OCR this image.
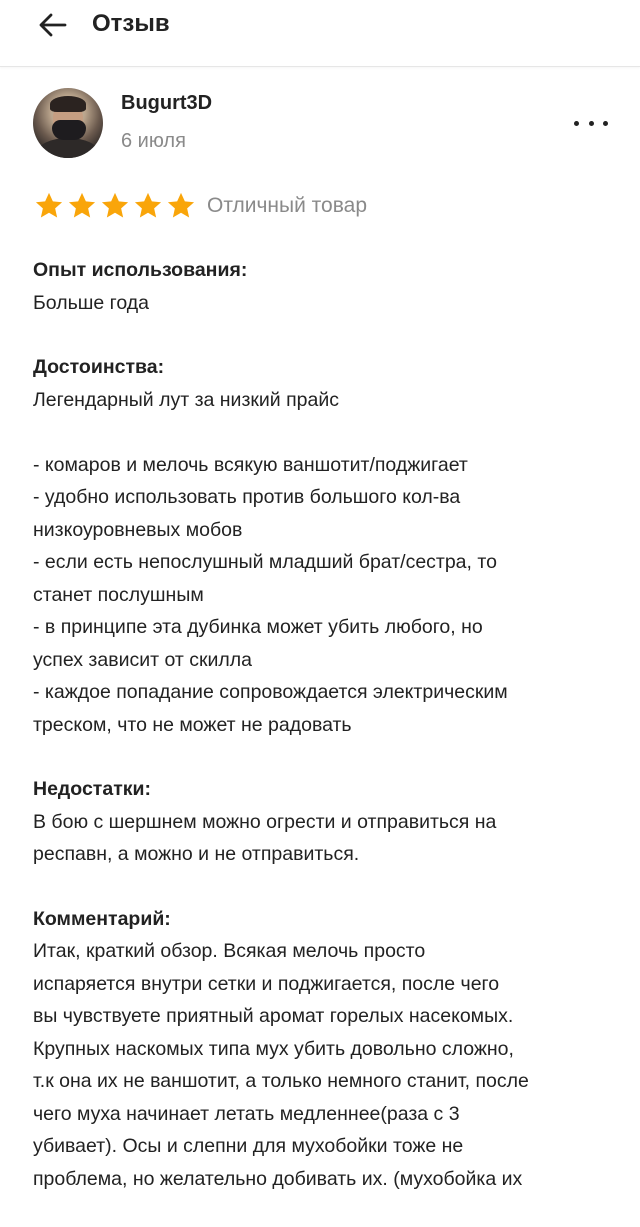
Отзыв
Bugurt3D
6 июля
Отличный товар
Опыт использования:
Больше года
Достоинства:
Легендарный лут за низкий прайс
- комаров и мелочь всякую ваншотит/поджигает
- удобно использовать против большого кол-ва
низкоуровневых мобов
- если есть непослушный младший брат/сестра, то
станет послушным
- в принципе эта дубинка может убить любого, но
успех зависит от скилла
- каждое попадание сопровождается электрическим
треском, что не может не радовать
Недостатки:
В бою с шершнем можно огрести и отправиться на
респавн, а можно и не отправиться.
Комментарий:
Итак, краткий обзор. Всякая мелочь просто
испаряется внутри сетки и поджигается, после чего
вы чувствуете приятный аромат горелых насекомых.
Крупных наскомых типа мух убить довольно сложно,
т.к она их не ваншотит, а только немного станит, после
чего муха начинает летать медленнее(раза с 3
убивает). Осы и слепни для мухобойки тоже не
проблема, но желательно добивать их. (мухобойка их
